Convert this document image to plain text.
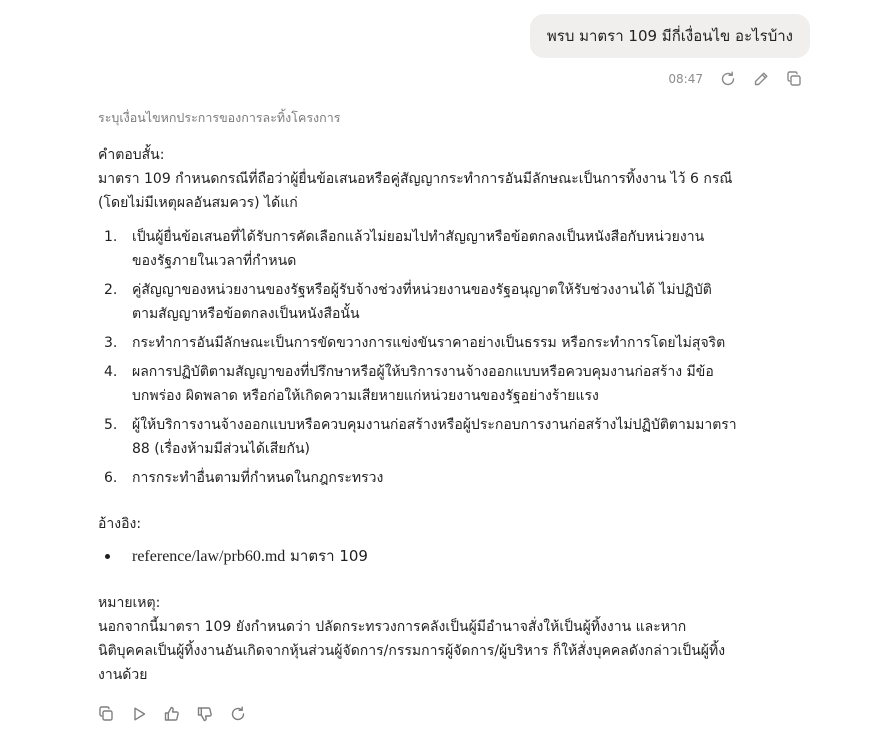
พรบ มาตรา 109 มีกี่เงื่อนไข อะไรบ้าง
08:47
ระบุเงื่อนไขหกประการของการละทิ้งโครงการ
คำตอบสั้น:
มาตรา 109 กำหนดกรณีที่ถือว่าผู้ยื่นข้อเสนอหรือคู่สัญญากระทำการอันมีลักษณะเป็นการทิ้งงาน ไว้ 6 กรณี
(โดยไม่มีเหตุผลอันสมควร) ได้แก่
1. เป็นผู้ยื่นข้อเสนอที่ได้รับการคัดเลือกแล้วไม่ยอมไปทำสัญญาหรือข้อตกลงเป็นหนังสือกับหน่วยงาน
ของรัฐภายในเวลาที่กำหนด
2. คู่สัญญาของหน่วยงานของรัฐหรือผู้รับจ้างช่วงที่หน่วยงานของรัฐอนุญาตให้รับช่วงงานได้ ไม่ปฏิบัติ
ตามสัญญาหรือข้อตกลงเป็นหนังสือนั้น
3. กระทำการอันมีลักษณะเป็นการขัดขวางการแข่งขันราคาอย่างเป็นธรรม หรือกระทำการโดยไม่สุจริต
4. ผลการปฏิบัติตามสัญญาของที่ปรึกษาหรือผู้ให้บริการงานจ้างออกแบบหรือควบคุมงานก่อสร้าง มีข้อ
บกพร่อง ผิดพลาด หรือก่อให้เกิดความเสียหายแก่หน่วยงานของรัฐอย่างร้ายแรง
5. ผู้ให้บริการงานจ้างออกแบบหรือควบคุมงานก่อสร้างหรือผู้ประกอบการงานก่อสร้างไม่ปฏิบัติตามมาตรา
88 (เรื่องห้ามมีส่วนได้เสียกัน)
6. การกระทำอื่นตามที่กำหนดในกฎกระทรวง
อ้างอิง:
reference/law/prb60.md มาตรา 109
หมายเหตุ:
นอกจากนี้มาตรา 109 ยังกำหนดว่า ปลัดกระทรวงการคลังเป็นผู้มีอำนาจสั่งให้เป็นผู้ทิ้งงาน และหาก
นิติบุคคลเป็นผู้ทิ้งงานอันเกิดจากหุ้นส่วนผู้จัดการ/กรรมการผู้จัดการ/ผู้บริหาร ก็ให้สั่งบุคคลดังกล่าวเป็นผู้ทิ้ง
งานด้วย
